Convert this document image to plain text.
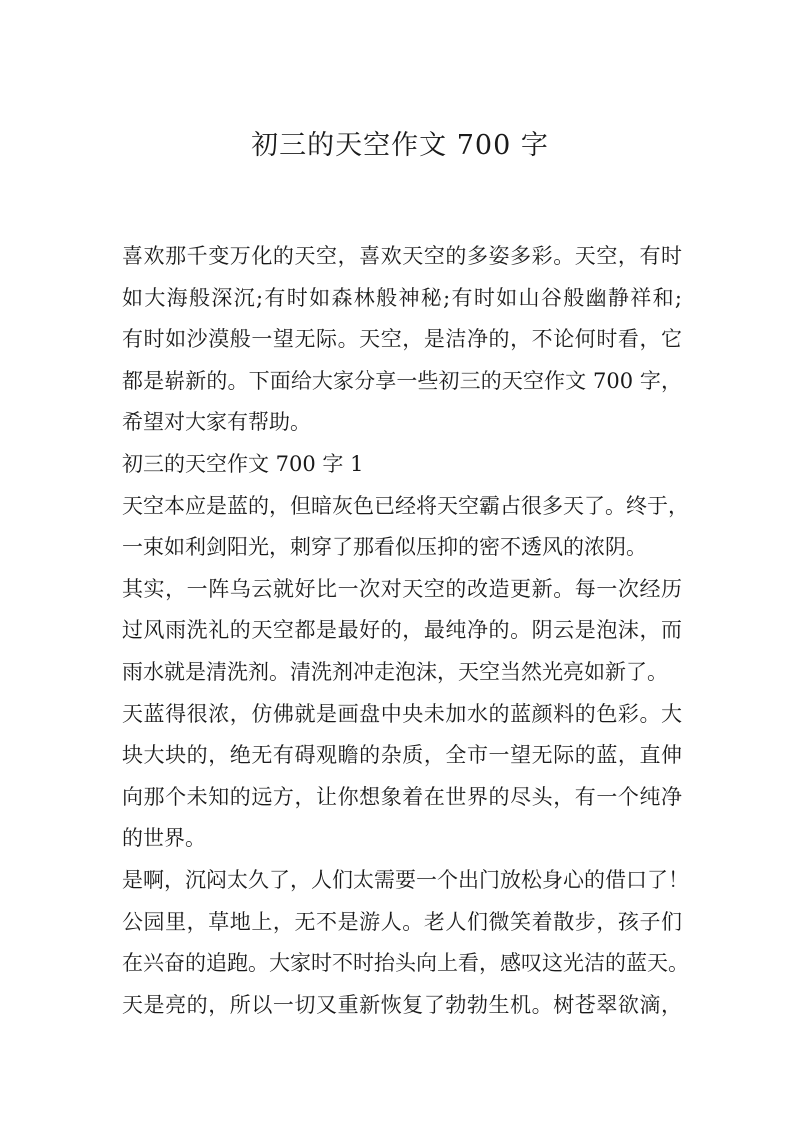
初三的天空作文 700 字
喜欢那千变万化的天空，喜欢天空的多姿多彩。天空，有时
如大海般深沉;有时如森林般神秘;有时如山谷般幽静祥和;
有时如沙漠般一望无际。天空，是洁净的，不论何时看，它
都是崭新的。下面给大家分享一些初三的天空作文 700 字，
希望对大家有帮助。
初三的天空作文 700 字 1
天空本应是蓝的，但暗灰色已经将天空霸占很多天了。终于，
一束如利剑阳光，刺穿了那看似压抑的密不透风的浓阴。
其实，一阵乌云就好比一次对天空的改造更新。每一次经历
过风雨洗礼的天空都是最好的，最纯净的。阴云是泡沫，而
雨水就是清洗剂。清洗剂冲走泡沫，天空当然光亮如新了。
天蓝得很浓，仿佛就是画盘中央未加水的蓝颜料的色彩。大
块大块的，绝无有碍观瞻的杂质，全市一望无际的蓝，直伸
向那个未知的远方，让你想象着在世界的尽头，有一个纯净
的世界。
是啊，沉闷太久了，人们太需要一个出门放松身心的借口了！
公园里，草地上，无不是游人。老人们微笑着散步，孩子们
在兴奋的追跑。大家时不时抬头向上看，感叹这光洁的蓝天。
天是亮的，所以一切又重新恢复了勃勃生机。树苍翠欲滴，
